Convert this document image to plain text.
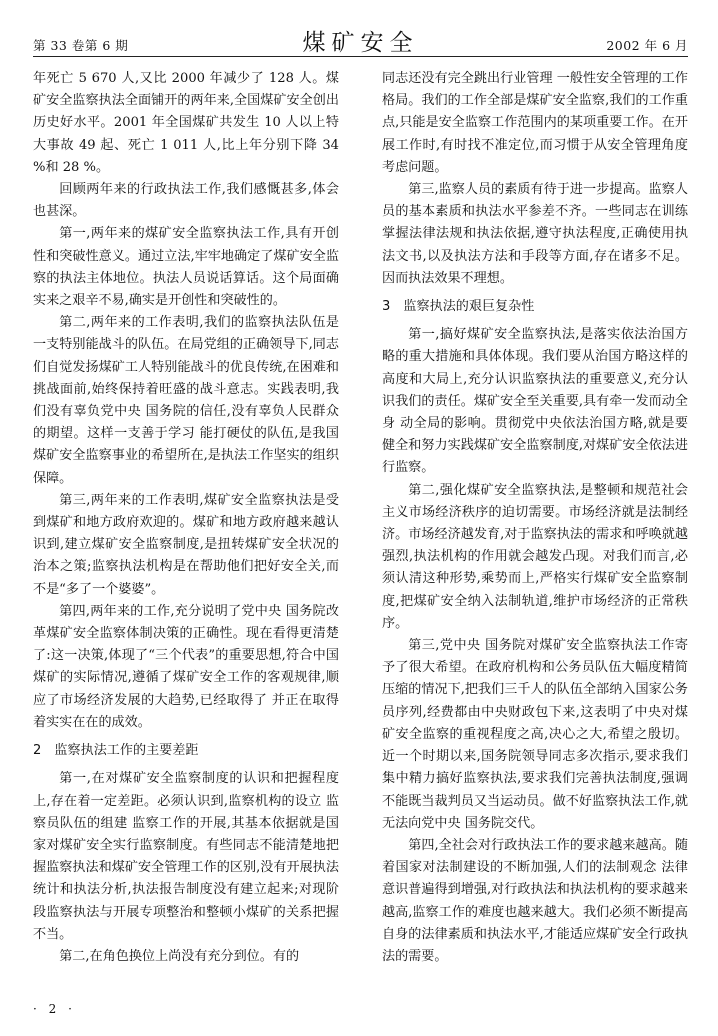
第 33 卷第 6 期	煤矿安全	2002 年 6 月

年死亡 5 670 人,又比 2000 年减少了 128 人。煤矿安全监察执法全面铺开的两年来,全国煤矿安全创出历史好水平。2001 年全国煤矿共发生 10 人以上特大事故 49 起、死亡 1 011 人,比上年分别下降 34 %和 28 %。

回顾两年来的行政执法工作,我们感慨甚多,体会也甚深。

第一,两年来的煤矿安全监察执法工作,具有开创性和突破性意义。通过立法,牢牢地确定了煤矿安全监察的执法主体地位。执法人员说话算话。这个局面确实来之艰辛不易,确实是开创性和突破性的。

第二,两年来的工作表明,我们的监察执法队伍是一支特别能战斗的队伍。在局党组的正确领导下,同志们自觉发扬煤矿工人特别能战斗的优良传统,在困难和挑战面前,始终保持着旺盛的战斗意志。实践表明,我们没有辜负党中央 国务院的信任,没有辜负人民群众的期望。这样一支善于学习 能打硬仗的队伍,是我国煤矿安全监察事业的希望所在,是执法工作坚实的组织保障。

第三,两年来的工作表明,煤矿安全监察执法是受到煤矿和地方政府欢迎的。煤矿和地方政府越来越认识到,建立煤矿安全监察制度,是扭转煤矿安全状况的治本之策;监察执法机构是在帮助他们把好安全关,而不是“多了一个婆婆”。

第四,两年来的工作,充分说明了党中央 国务院改革煤矿安全监察体制决策的正确性。现在看得更清楚了:这一决策,体现了“三个代表”的重要思想,符合中国煤矿的实际情况,遵循了煤矿安全工作的客观规律,顺应了市场经济发展的大趋势,已经取得了 并正在取得着实实在在的成效。

2　监察执法工作的主要差距

第一,在对煤矿安全监察制度的认识和把握程度上,存在着一定差距。必须认识到,监察机构的设立 监察员队伍的组建 监察工作的开展,其基本依据就是国家对煤矿安全实行监察制度。有些同志不能清楚地把握监察执法和煤矿安全管理工作的区别,没有开展执法统计和执法分析,执法报告制度没有建立起来;对现阶段监察执法与开展专项整治和整顿小煤矿的关系把握不当。

第二,在角色换位上尚没有充分到位。有的

同志还没有完全跳出行业管理 一般性安全管理的工作格局。我们的工作全部是煤矿安全监察,我们的工作重点,只能是安全监察工作范围内的某项重要工作。在开展工作时,有时找不准定位,而习惯于从安全管理角度考虑问题。

第三,监察人员的素质有待于进一步提高。监察人员的基本素质和执法水平参差不齐。一些同志在训练掌握法律法规和执法依据,遵守执法程度,正确使用执法文书,以及执法方法和手段等方面,存在诸多不足。因而执法效果不理想。

3　监察执法的艰巨复杂性

第一,搞好煤矿安全监察执法,是落实依法治国方略的重大措施和具体体现。我们要从治国方略这样的高度和大局上,充分认识监察执法的重要意义,充分认识我们的责任。煤矿安全至关重要,具有牵一发而动全身 动全局的影响。贯彻党中央依法治国方略,就是要健全和努力实践煤矿安全监察制度,对煤矿安全依法进行监察。

第二,强化煤矿安全监察执法,是整顿和规范社会主义市场经济秩序的迫切需要。市场经济就是法制经济。市场经济越发育,对于监察执法的需求和呼唤就越强烈,执法机构的作用就会越发凸现。对我们而言,必须认清这种形势,乘势而上,严格实行煤矿安全监察制度,把煤矿安全纳入法制轨道,维护市场经济的正常秩序。

第三,党中央 国务院对煤矿安全监察执法工作寄予了很大希望。在政府机构和公务员队伍大幅度精简压缩的情况下,把我们三千人的队伍全部纳入国家公务员序列,经费都由中央财政包下来,这表明了中央对煤矿安全监察的重视程度之高,决心之大,希望之殷切。近一个时期以来,国务院领导同志多次指示,要求我们集中精力搞好监察执法,要求我们完善执法制度,强调不能既当裁判员又当运动员。做不好监察执法工作,就无法向党中央 国务院交代。

第四,全社会对行政执法工作的要求越来越高。随着国家对法制建设的不断加强,人们的法制观念 法律意识普遍得到增强,对行政执法和执法机构的要求越来越高,监察工作的难度也越来越大。我们必须不断提高自身的法律素质和执法水平,才能适应煤矿安全行政执法的需要。

· 2 ·
